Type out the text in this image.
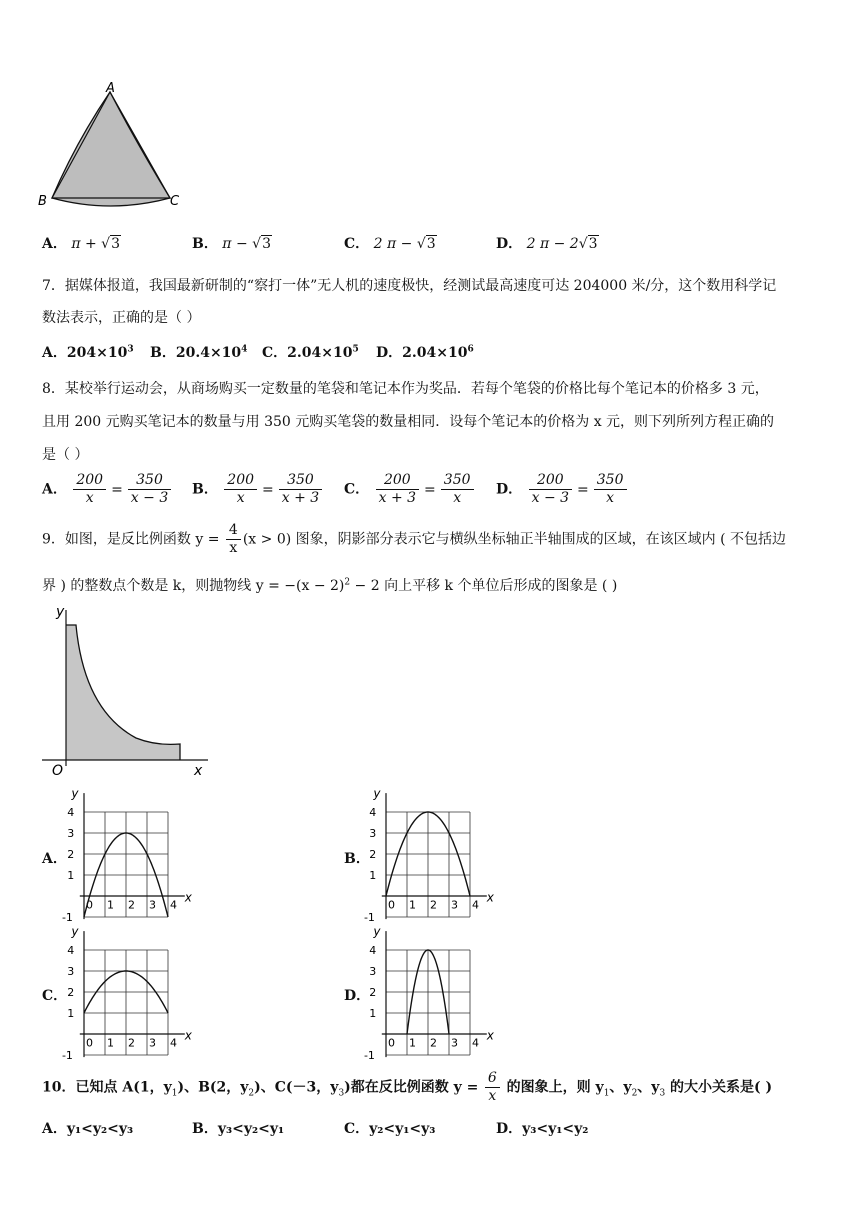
A
B	C
A． π + √3	B． π − √3	C． 2 π − √3	D． 2 π − 2√3
7．据媒体报道，我国最新研制的“察打一体”无人机的速度极快，经测试最高速度可达 204000 米/分，这个数用科学记
数法表示，正确的是（ ）
A．$204\times 10^3$ B．$20.4\times 10^4$ C．$2.04\times 10^5$ D．$2.04\times 10^6$
8．某校举行运动会，从商场购买一定数量的笔袋和笔记本作为奖品．若每个笔袋的价格比每个笔记本的价格多 3 元，
且用 200 元购买笔记本的数量与用 350 元购买笔袋的数量相同．设每个笔记本的价格为 x 元，则下列所列方程正确的
是（ ）
A． $\frac{200}{x} = \frac{350}{x - 3}$ B． $\frac{200}{x} = \frac{350}{x + 3}$ C． $\frac{200}{x + 3} = \frac{350}{x}$ D． $\frac{200}{x - 3} = \frac{350}{x}$
9．如图，是反比例函数 $y = \frac{4}{x} (x > 0)$ 图象，阴影部分表示它与横纵坐标轴正半轴围成的区域，在该区域内 ( 不包括边
界 ) 的整数点个数是 k，则抛物线 $y = -(x - 2)^2 - 2$ 向上平移 k 个单位后形成的图象是 ( )
y
x
O
A．	B．
C．	D．
y
x
0 1 2 3 4
4
3
2
1
-1
y
x
0 1 2 3 4
4
3
2
1
-1
y
x
0 1 2 3 4
4
3
2
1
-1
y
x
0 1 2 3 4
4
3
2
1
-1
10．已知点 A(1，$y_1$)、B(2，$y_2$)、C(－3，$y_3$)都在反比例函数 $y = \frac{6}{x}$ 的图象上，则 $y_1$、$y_2$、$y_3$ 的大小关系是( )
A．y₁<y₂<y₃	B．y₃<y₂<y₁	C．y₂<y₁<y₃	D．y₃<y₁<y₂
